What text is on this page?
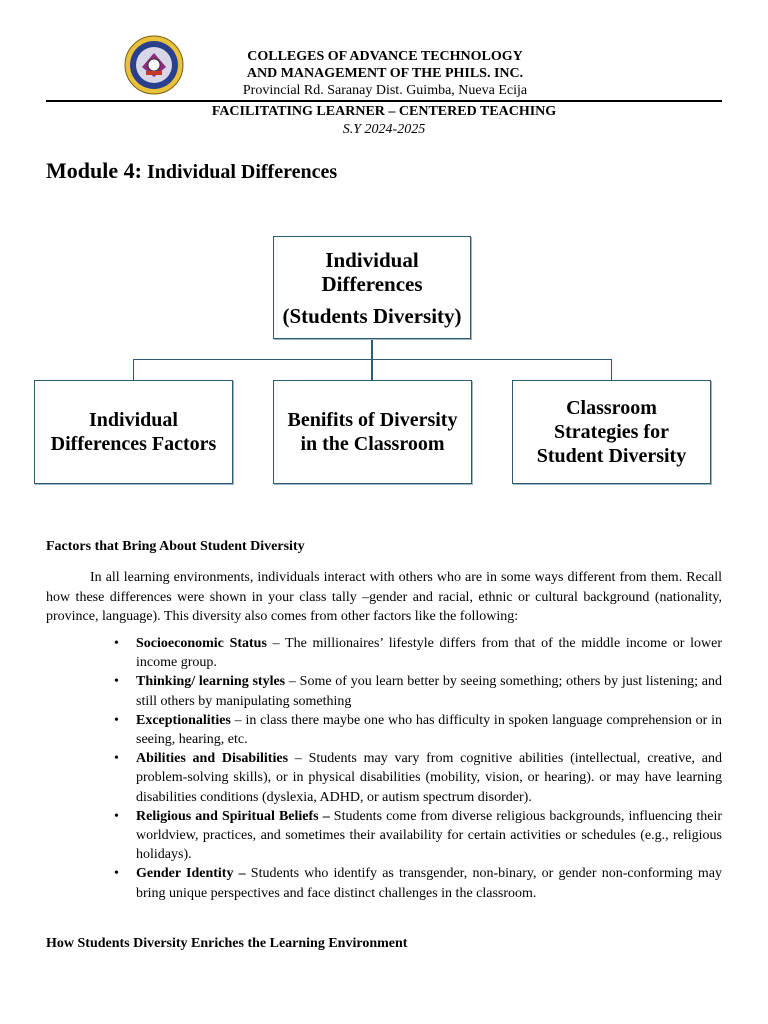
COLLEGES OF ADVANCE TECHNOLOGY
AND MANAGEMENT OF THE PHILS. INC.
Provincial Rd. Saranay Dist. Guimba, Nueva Ecija
FACILITATING LEARNER – CENTERED TEACHING
S.Y 2024-2025
Module 4: Individual Differences
Individual
Differences
(Students Diversity)
Individual
Differences Factors
Benifits of Diversity
in the Classroom
Classroom
Strategies for
Student Diversity
Factors that Bring About Student Diversity
In all learning environments, individuals interact with others who are in some ways different from them. Recall how these differences were shown in your class tally –gender and racial, ethnic or cultural background (nationality, province, language). This diversity also comes from other factors like the following:
• Socioeconomic Status – The millionaires’ lifestyle differs from that of the middle income or lower income group.
• Thinking/ learning styles – Some of you learn better by seeing something; others by just listening; and still others by manipulating something
• Exceptionalities – in class there maybe one who has difficulty in spoken language comprehension or in seeing, hearing, etc.
• Abilities and Disabilities – Students may vary from cognitive abilities (intellectual, creative, and problem-solving skills), or in physical disabilities (mobility, vision, or hearing). or may have learning disabilities conditions (dyslexia, ADHD, or autism spectrum disorder).
• Religious and Spiritual Beliefs – Students come from diverse religious backgrounds, influencing their worldview, practices, and sometimes their availability for certain activities or schedules (e.g., religious holidays).
• Gender Identity – Students who identify as transgender, non-binary, or gender non-conforming may bring unique perspectives and face distinct challenges in the classroom.
How Students Diversity Enriches the Learning Environment
